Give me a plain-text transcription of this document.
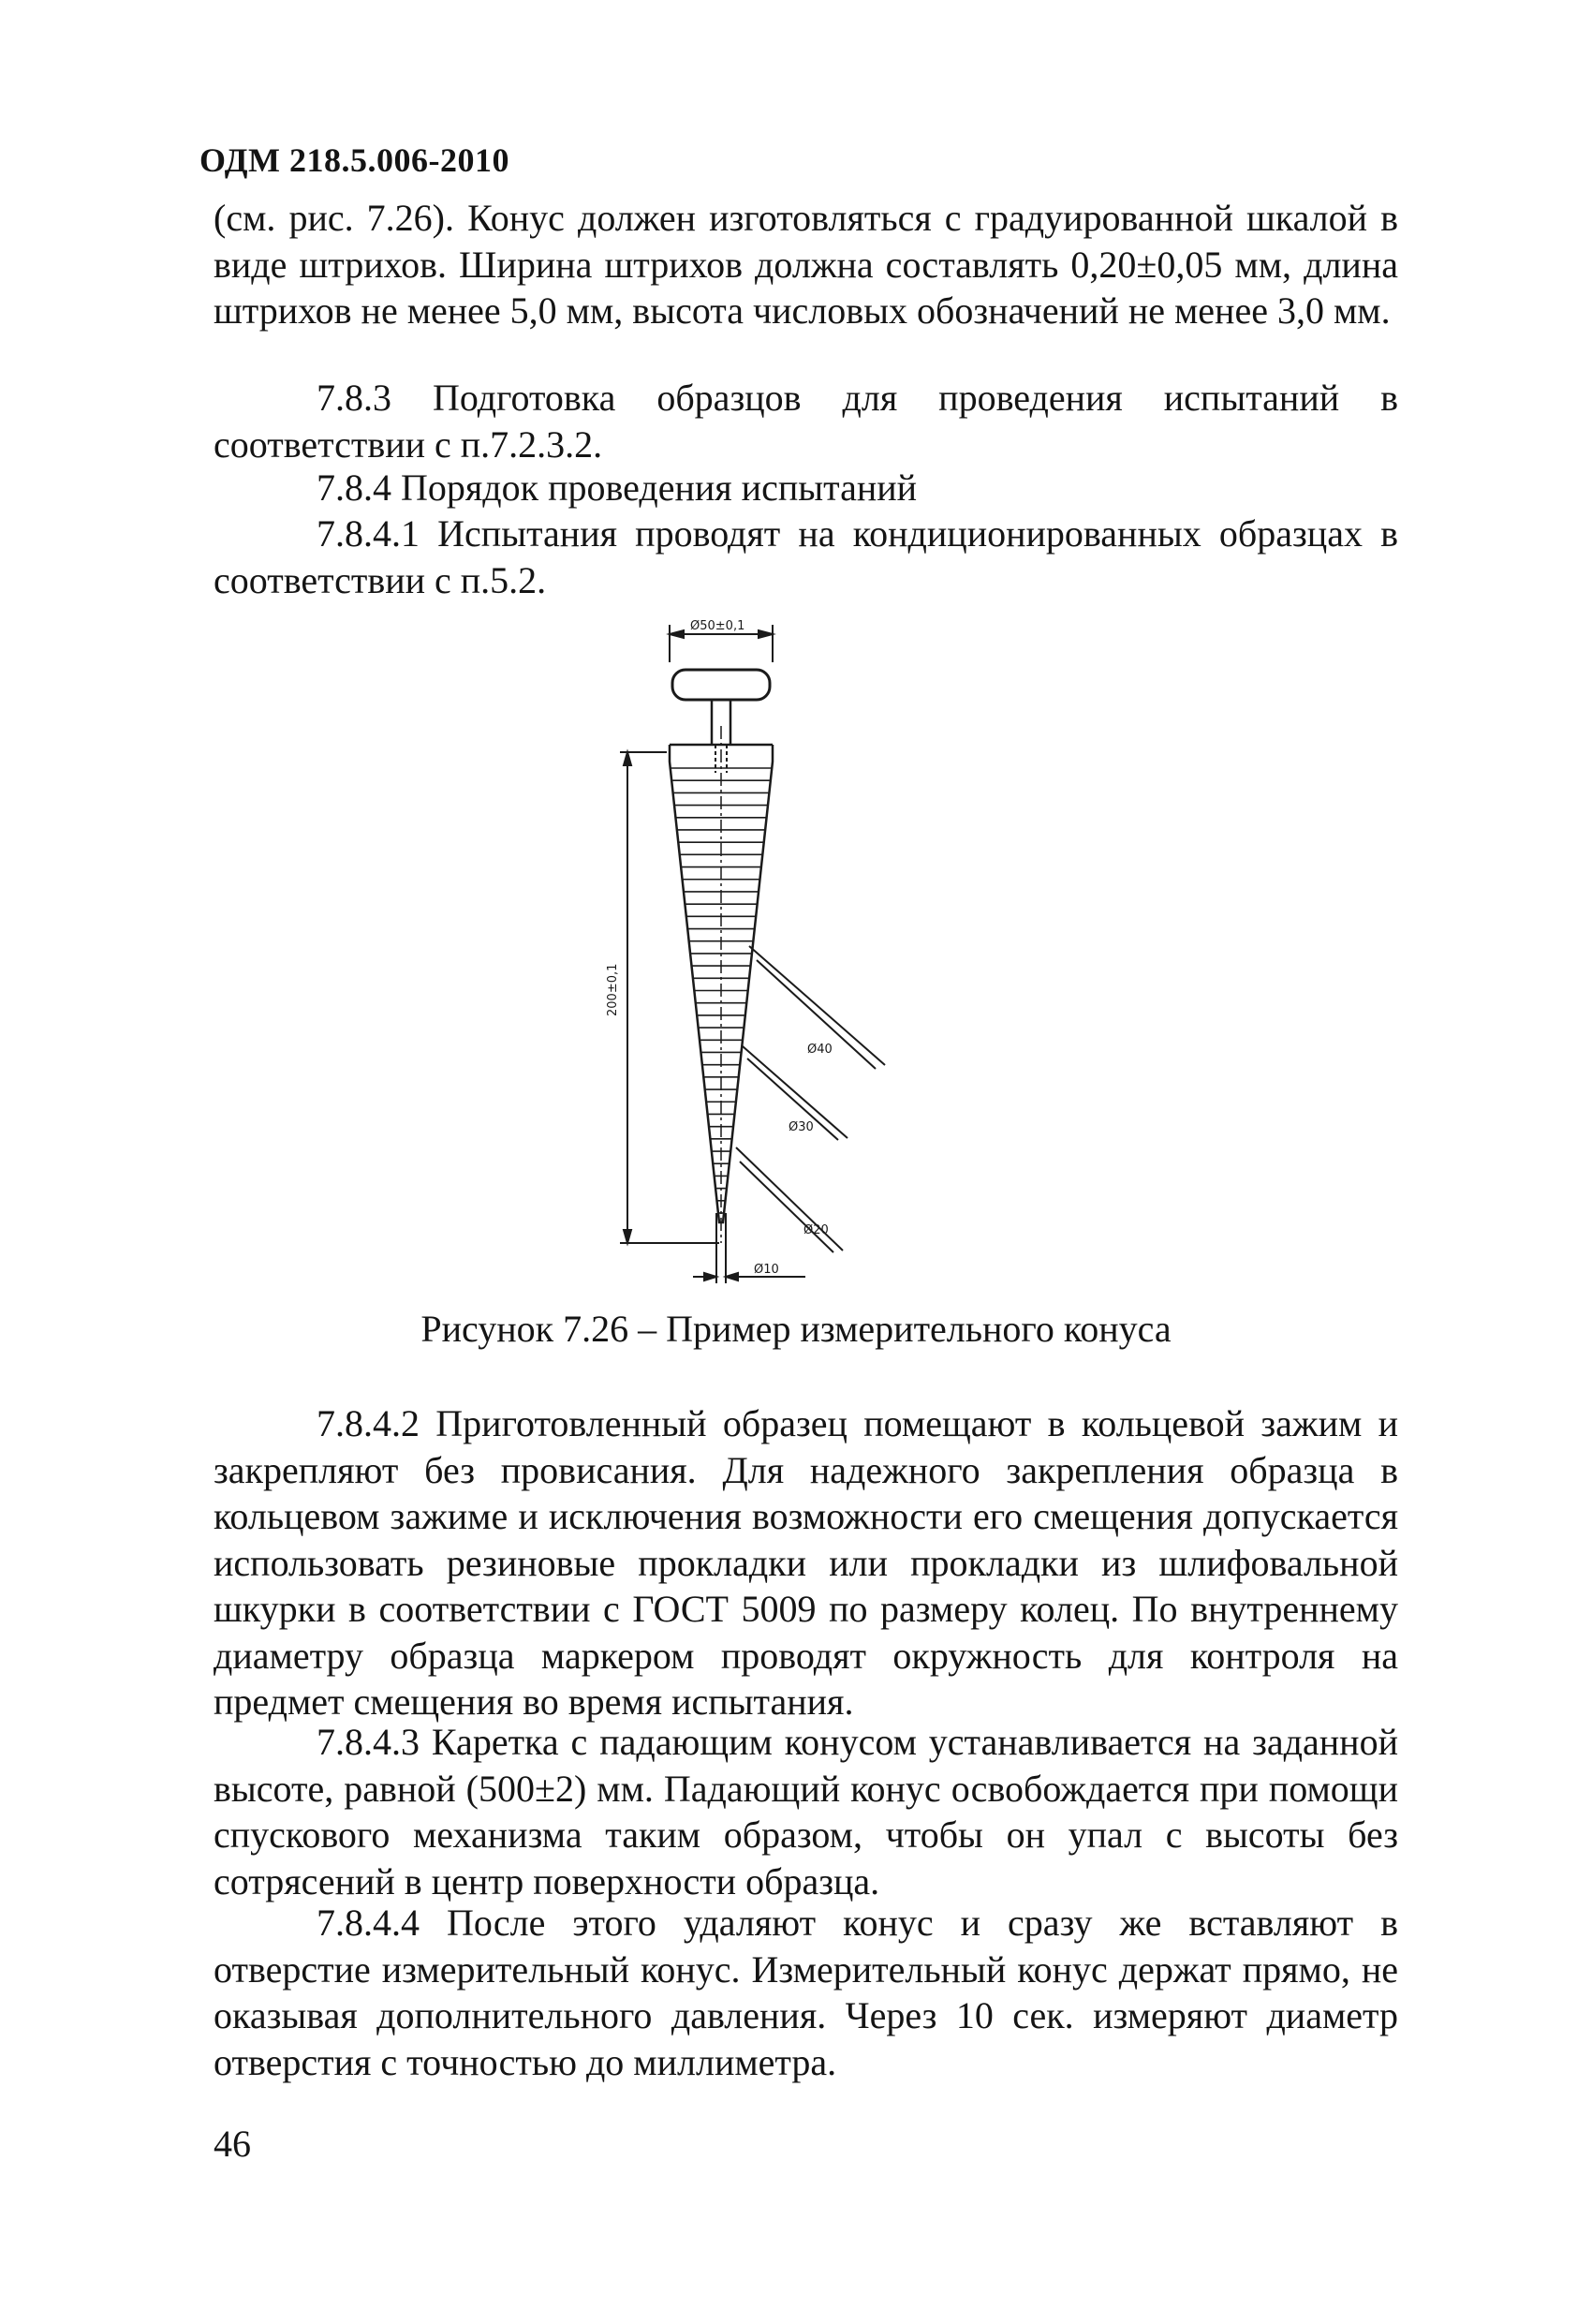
ОДМ 218.5.006-2010

(см. рис. 7.26). Конус должен изготовляться с градуированной шкалой в виде штрихов. Ширина штрихов должна составлять 0,20±0,05 мм, длина штрихов не менее 5,0 мм, высота числовых обозначений не менее 3,0 мм.

7.8.3 Подготовка образцов для проведения испытаний в соответствии с п.7.2.3.2.

7.8.4 Порядок проведения испытаний

7.8.4.1 Испытания проводят на кондиционированных образцах в соответствии с п.5.2.

Ø50±0,1
200±0,1
Ø40
Ø30
Ø20
Ø10
Рисунок 7.26 – Пример измерительного конуса

7.8.4.2 Приготовленный образец помещают в кольцевой зажим и закрепляют без провисания. Для надежного закрепления образца в кольцевом зажиме и исключения возможности его смещения допускается использовать резиновые прокладки или прокладки из шлифовальной шкурки в соответствии с ГОСТ 5009 по размеру колец. По внутреннему диаметру образца маркером проводят окружность для контроля на предмет смещения во время испытания.

7.8.4.3 Каретка с падающим конусом устанавливается на заданной высоте, равной (500±2) мм. Падающий конус освобождается при помощи спускового механизма таким образом, чтобы он упал с высоты без сотрясений в центр поверхности образца.

7.8.4.4 После этого удаляют конус и сразу же вставляют в отверстие измерительный конус. Измерительный конус держат прямо, не оказывая дополнительного давления. Через 10 сек. измеряют диаметр отверстия с точностью до миллиметра.

46
